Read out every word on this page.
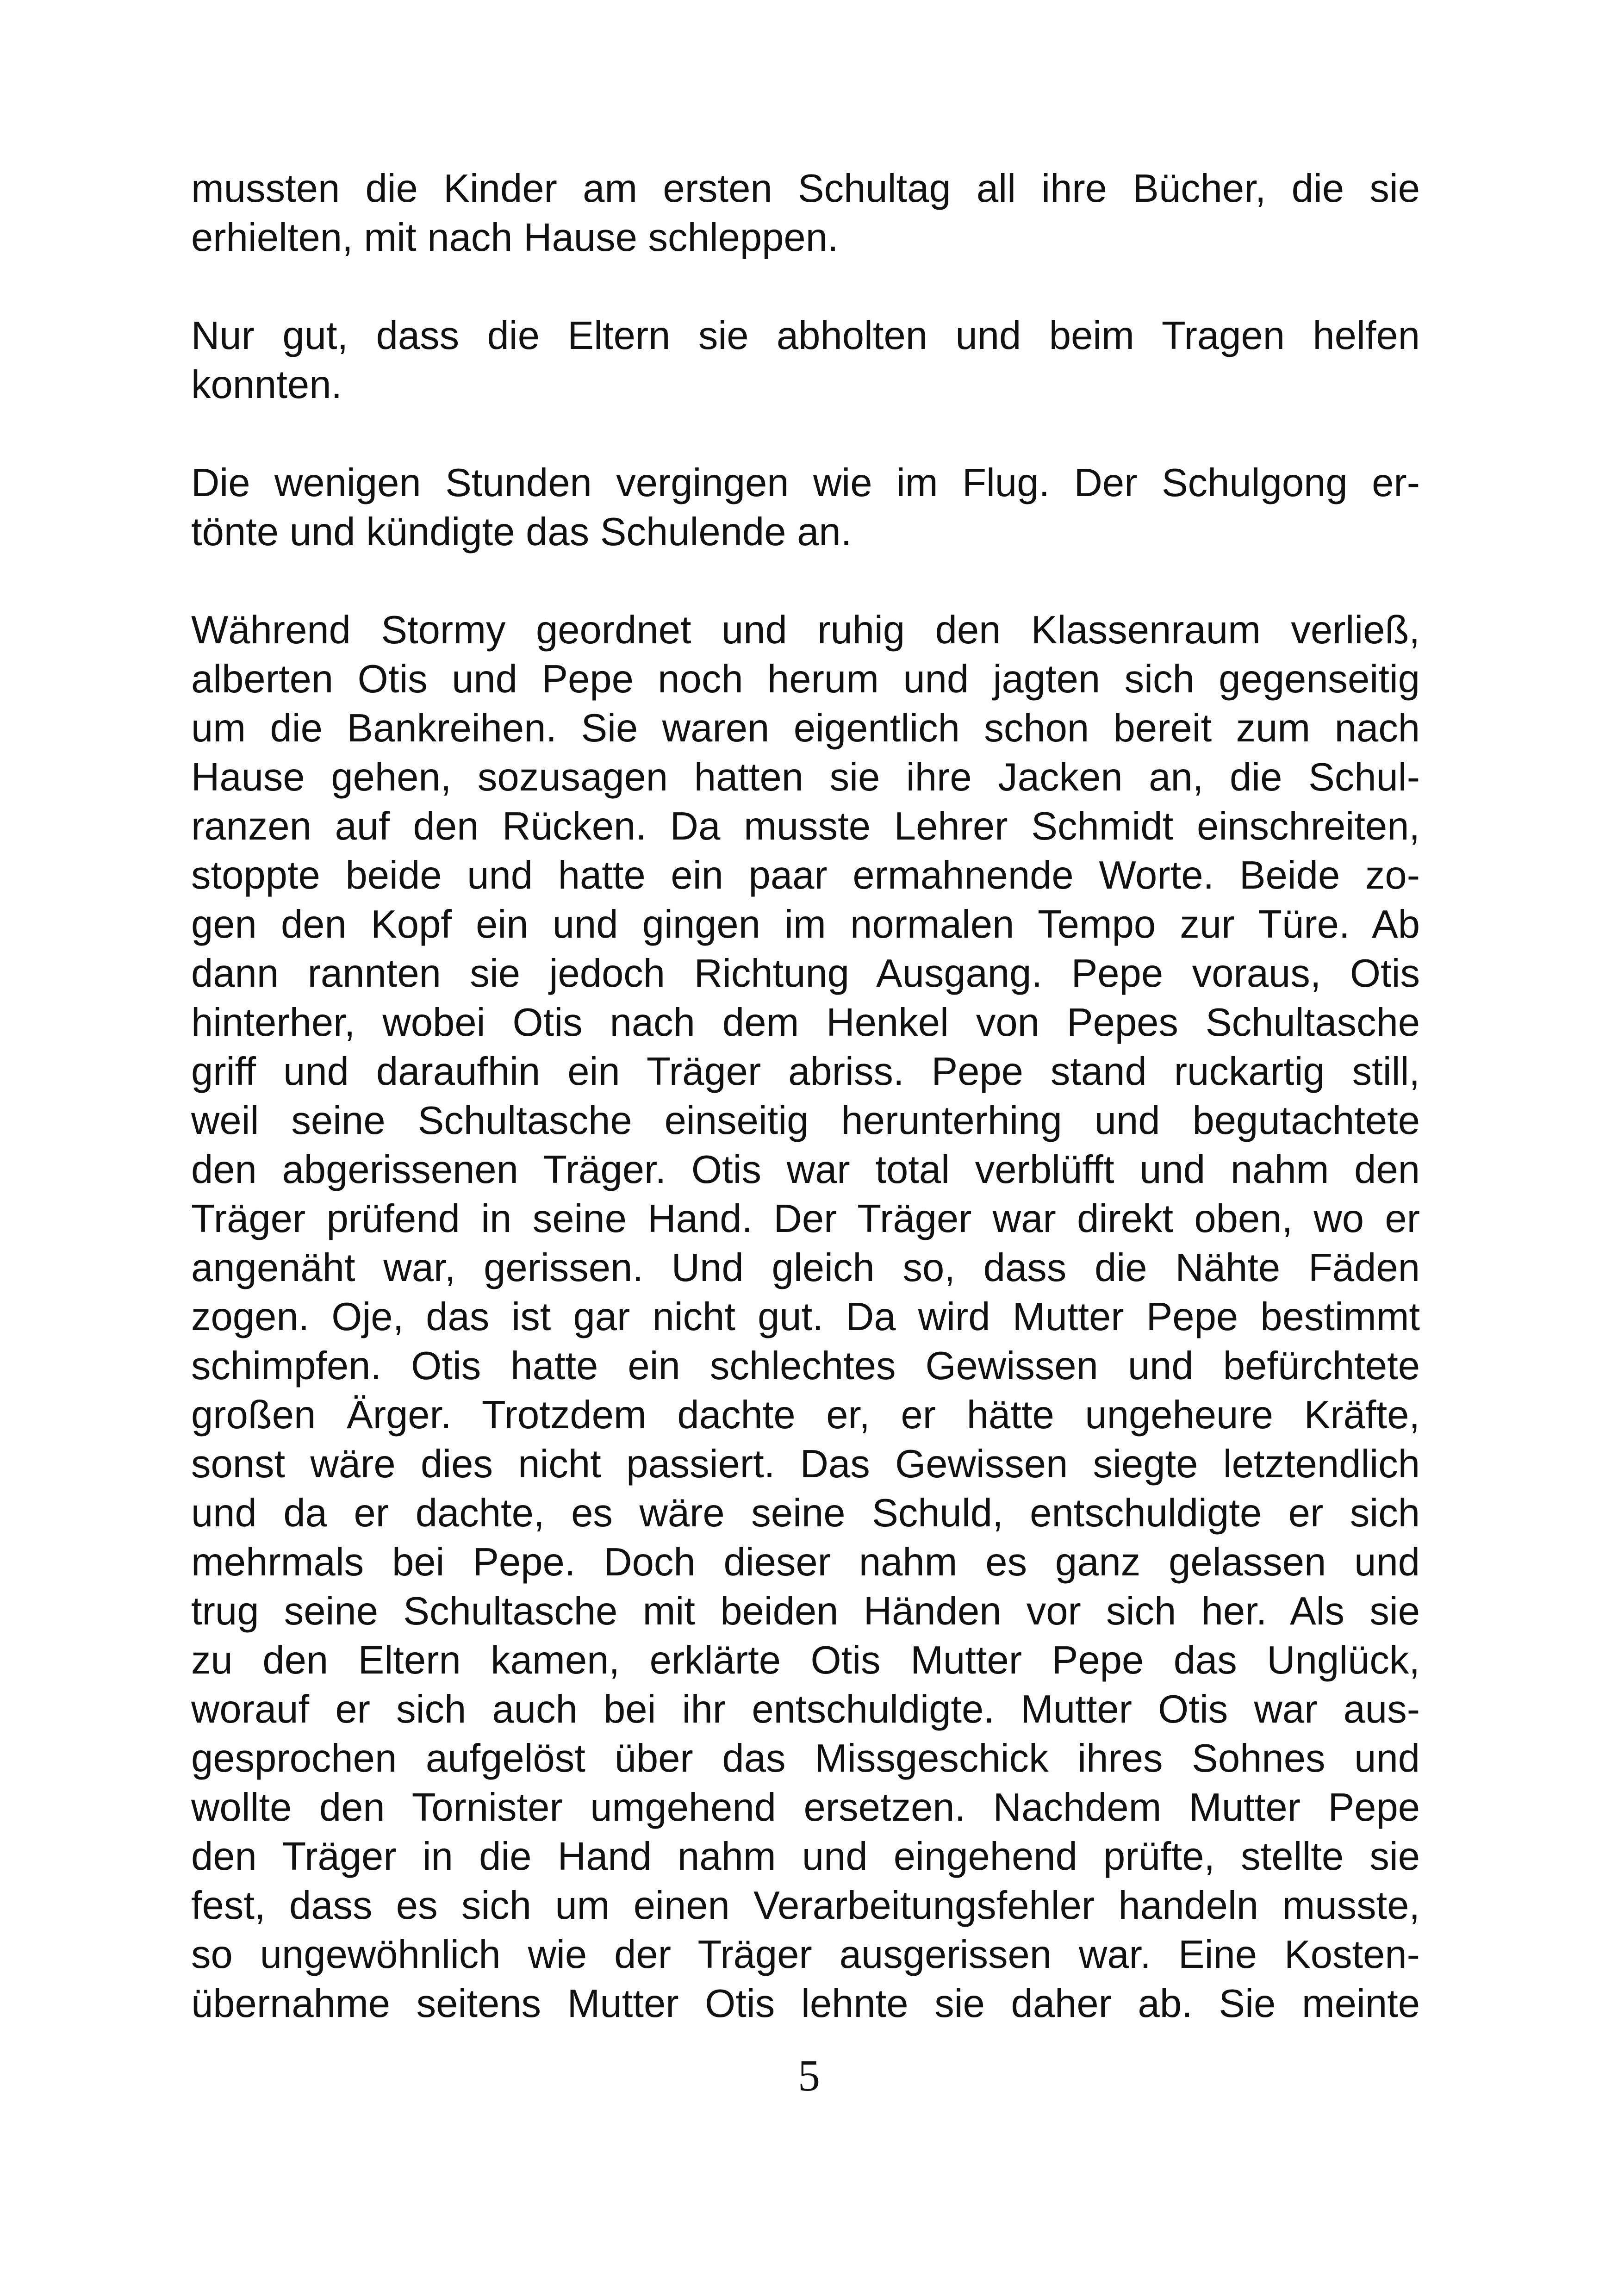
mussten die Kinder am ersten Schultag all ihre Bücher, die sie
erhielten, mit nach Hause schleppen.
Nur gut, dass die Eltern sie abholten und beim Tragen helfen
konnten.
Die wenigen Stunden vergingen wie im Flug. Der Schulgong er-
tönte und kündigte das Schulende an.
Während Stormy geordnet und ruhig den Klassenraum verließ,
alberten Otis und Pepe noch herum und jagten sich gegenseitig
um die Bankreihen. Sie waren eigentlich schon bereit zum nach
Hause gehen, sozusagen hatten sie ihre Jacken an, die Schul-
ranzen auf den Rücken. Da musste Lehrer Schmidt einschreiten,
stoppte beide und hatte ein paar ermahnende Worte. Beide zo-
gen den Kopf ein und gingen im normalen Tempo zur Türe. Ab
dann rannten sie jedoch Richtung Ausgang. Pepe voraus, Otis
hinterher, wobei Otis nach dem Henkel von Pepes Schultasche
griff und daraufhin ein Träger abriss. Pepe stand ruckartig still,
weil seine Schultasche einseitig herunterhing und begutachtete
den abgerissenen Träger. Otis war total verblüfft und nahm den
Träger prüfend in seine Hand. Der Träger war direkt oben, wo er
angenäht war, gerissen. Und gleich so, dass die Nähte Fäden
zogen. Oje, das ist gar nicht gut. Da wird Mutter Pepe bestimmt
schimpfen. Otis hatte ein schlechtes Gewissen und befürchtete
großen Ärger. Trotzdem dachte er, er hätte ungeheure Kräfte,
sonst wäre dies nicht passiert. Das Gewissen siegte letztendlich
und da er dachte, es wäre seine Schuld, entschuldigte er sich
mehrmals bei Pepe. Doch dieser nahm es ganz gelassen und
trug seine Schultasche mit beiden Händen vor sich her. Als sie
zu den Eltern kamen, erklärte Otis Mutter Pepe das Unglück,
worauf er sich auch bei ihr entschuldigte. Mutter Otis war aus-
gesprochen aufgelöst über das Missgeschick ihres Sohnes und
wollte den Tornister umgehend ersetzen. Nachdem Mutter Pepe
den Träger in die Hand nahm und eingehend prüfte, stellte sie
fest, dass es sich um einen Verarbeitungsfehler handeln musste,
so ungewöhnlich wie der Träger ausgerissen war. Eine Kosten-
übernahme seitens Mutter Otis lehnte sie daher ab. Sie meinte
5
